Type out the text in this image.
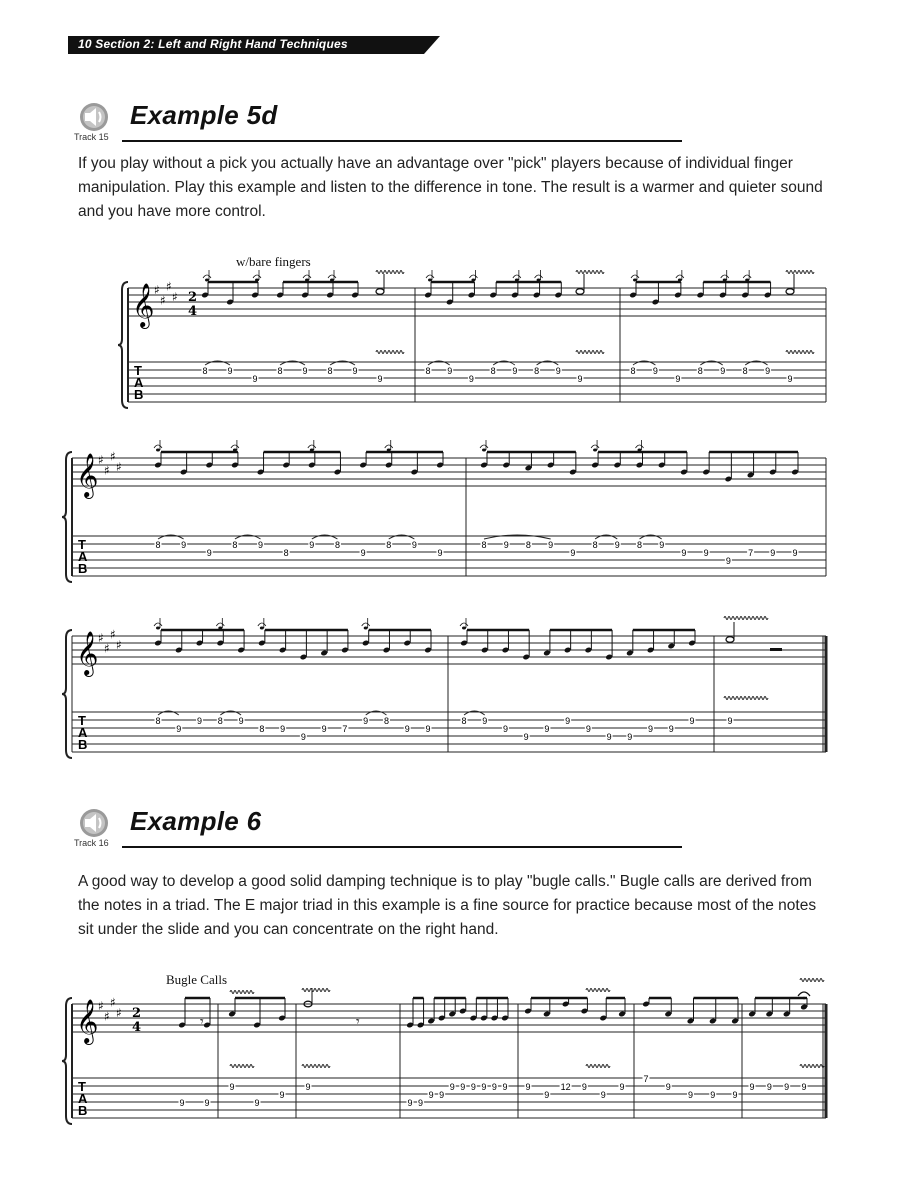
10 Section 2: Left and Right Hand Techniques
Track 15
Example 5d

If you play without a pick you actually have an advantage over "pick" players because of individual finger manipulation. Play this example and listen to the difference in tone. The result is a warmer and quieter sound and you have more control.

w/bare fingers
Track 16
Example 6

A good way to develop a good solid damping technique is to play "bugle calls." Bugle calls are derived from the notes in a triad. The E major triad in this example is a fine source for practice because most of the notes sit under the slide and you can concentrate on the right hand.

Bugle Calls
T
A
B
𝄞 ♯
♯
♯
♯ 2
4
8 9
9
8 9 8 9
9
8 9
9
8 9 8 9
9
8 9
9
8 9 8 9
9
T
A
B
𝄞 ♯
♯
♯
♯
8 9
9
8 9
8
9 8
9
8 9
9
8 9 8 9
9
8 9 8 9
9 9
9
7 9 9
T
A
B
𝄞 ♯
♯
♯
♯
8
9
9 8 9
8 9
9
9 7
9 8
9 9
8 9
9
9
9
9
9
9 9
9 9
9	9
T
A
B
𝄞 ♯
♯
♯
♯ 2
4
9 9
9
9
9
9
9 9
9 9
9 9 9 9 9 9 9
9
12 9
9
9
7
9
9 9 9
9 9 9 9
𝄾	𝄾
